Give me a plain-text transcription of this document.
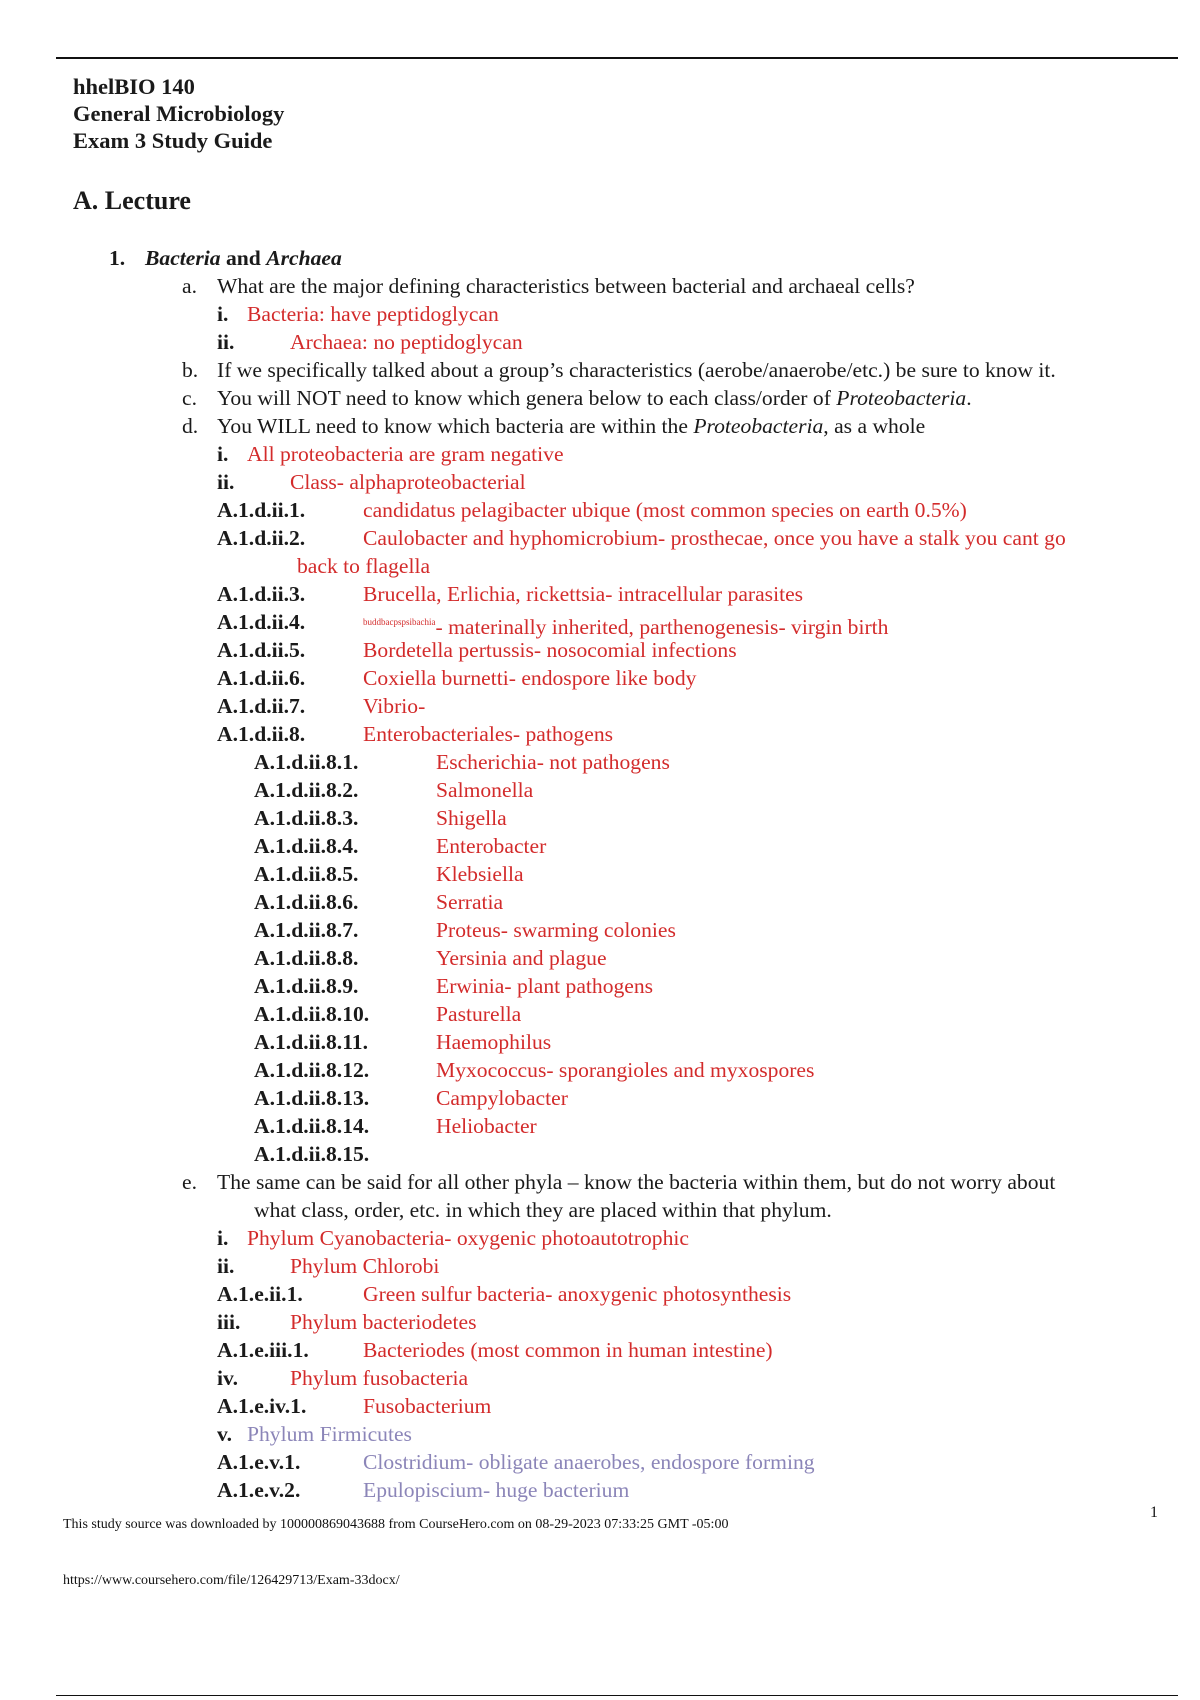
hhelBIO 140
General Microbiology
Exam 3 Study Guide
A. Lecture
1. Bacteria and Archaea
a. What are the major defining characteristics between bacterial and archaeal cells?
i. Bacteria: have peptidoglycan
ii.	Archaea: no peptidoglycan
b. If we specifically talked about a group’s characteristics (aerobe/anaerobe/etc.) be sure to know it.
c. You will NOT need to know which genera below to each class/order of Proteobacteria.
d. You WILL need to know which bacteria are within the Proteobacteria, as a whole
i. All proteobacteria are gram negative
ii.	Class- alphaproteobacterial
A.1.d.ii.1.	candidatus pelagibacter ubique (most common species on earth 0.5%)
A.1.d.ii.2.	Caulobacter and hyphomicrobium- prosthecae, once you have a stalk you cant go
back to flagella
A.1.d.ii.3.	Brucella, Erlichia, rickettsia- intracellular parasites
A.1.d.ii.4.	$^{buddbacpspsibachia}$- materinally inherited, parthenogenesis- virgin birth
A.1.d.ii.5.	Bordetella pertussis- nosocomial infections
A.1.d.ii.6.	Coxiella burnetti- endospore like body
A.1.d.ii.7.	Vibrio-
A.1.d.ii.8.	Enterobacteriales- pathogens
A.1.d.ii.8.1.	Escherichia- not pathogens
A.1.d.ii.8.2.	Salmonella
A.1.d.ii.8.3.	Shigella
A.1.d.ii.8.4.	Enterobacter
A.1.d.ii.8.5.	Klebsiella
A.1.d.ii.8.6.	Serratia
A.1.d.ii.8.7.	Proteus- swarming colonies
A.1.d.ii.8.8.	Yersinia and plague
A.1.d.ii.8.9.	Erwinia- plant pathogens
A.1.d.ii.8.10.	Pasturella
A.1.d.ii.8.11.	Haemophilus
A.1.d.ii.8.12.	Myxococcus- sporangioles and myxospores
A.1.d.ii.8.13.	Campylobacter
A.1.d.ii.8.14.	Heliobacter
A.1.d.ii.8.15.
e. The same can be said for all other phyla – know the bacteria within them, but do not worry about
what class, order, etc. in which they are placed within that phylum.
i. Phylum Cyanobacteria- oxygenic photoautotrophic
ii.	Phylum Chlorobi
A.1.e.ii.1.	Green sulfur bacteria- anoxygenic photosynthesis
iii. Phylum bacteriodetes
A.1.e.iii.1.	Bacteriodes (most common in human intestine)
iv. Phylum fusobacteria
A.1.e.iv.1.	Fusobacterium
v. Phylum Firmicutes
A.1.e.v.1.	Clostridium- obligate anaerobes, endospore forming
A.1.e.v.2.	Epulopiscium- huge bacterium
1
This study source was downloaded by 100000869043688 from CourseHero.com on 08-29-2023 07:33:25 GMT -05:00
https://www.coursehero.com/file/126429713/Exam-33docx/
